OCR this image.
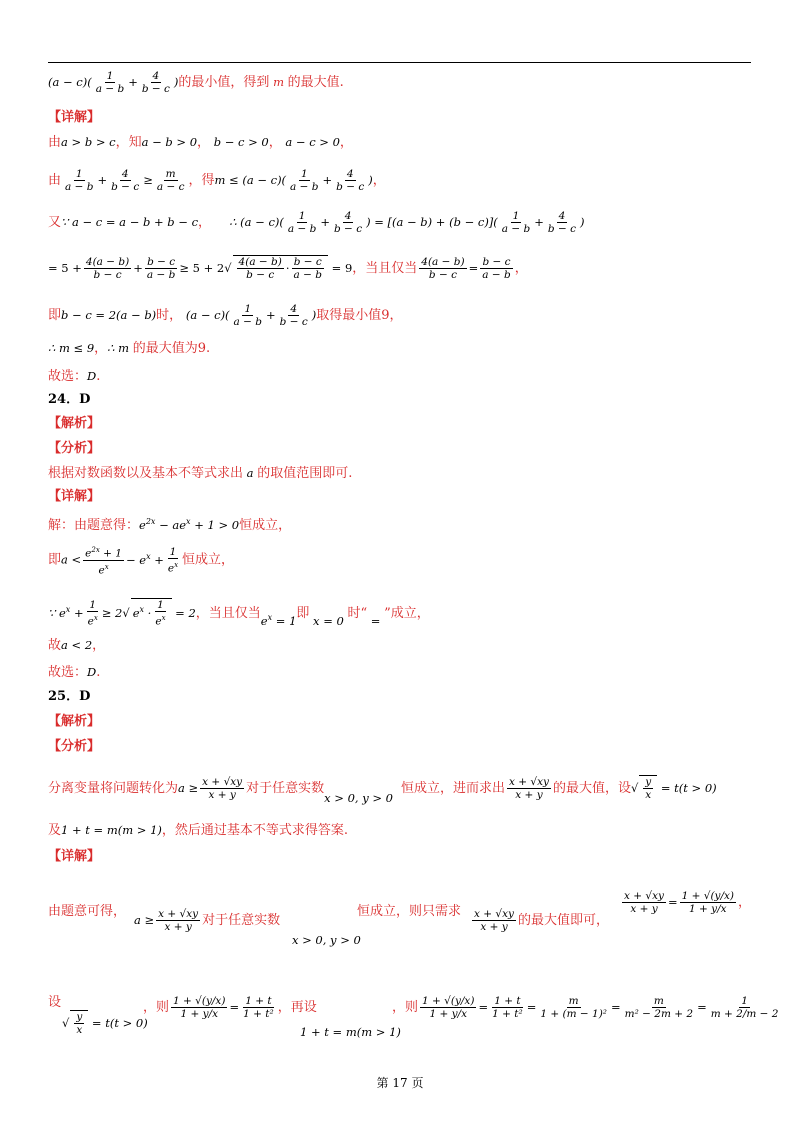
$(a - c)( \frac{1}{a - b} + \frac{4}{b - c}$ )的最小值，得到 m 的最大值.
【详解】
由a > b > c，知a − b > 0， b − c > 0， a − c > 0，
由 $\frac{1}{a - b} + \frac{4}{b - c} \ge \frac{m}{a - c}$ ，得$m \le (a - c)( \frac{1}{a - b} + \frac{4}{b - c}$ )，
又∵ a − c = a − b + b − c， ∴ $(a - c)( \frac{1}{a - b} + \frac{4}{b - c}$ ) = $[(a - b) + (b - c)]( \frac{1}{a - b} + \frac{4}{b - c}$ )
= $5 + \frac{4(a - b)}{b - c} + \frac{b - c}{a - b} \ge 5 + 2√ \frac{4(a - b)}{b - c} \cdot \frac{b - c}{a - b} = 9$，当且仅当 $\frac{4(a - b)}{b - c} = \frac{b - c}{a - b}$ ，
即b − c = 2(a − b)时， $(a - c)( \frac{1}{a - b} + \frac{4}{b - c}$ )取得最小值9，
∴ m ≤ 9，∴ m 的最大值为9.
故选：D.
24．D
【解析】
【分析】
根据对数函数以及基本不等式求出 a 的取值范围即可.
【详解】
解：由题意得：$e^{2x} - ae^x + 1 > 0$恒成立，
即$a < \frac{e^{2x} + 1}{e^x} - e^x + \frac{1}{e^x}$ 恒成立，
∵ $e^x + \frac{1}{e^x} \ge 2√$ $e^x \cdot \frac{1}{e^x} = 2$，当且仅当$e^x = 1$即 x = 0 时“ = ”成立，
故a < 2，
故选：D.
25．D
【解析】
【分析】
分离变量将问题转化为$a \ge \frac{x + √xy}{x + y}$ 对于任意实数x > 0, y > 0恒成立，进而求出 $\frac{x + √xy}{x + y}$ 的最大值，设√ $\frac{y}{x} = t(t > 0)$
及1 + t = m(m > 1)，然后通过基本不等式求得答案.
【详解】
由题意可得，
$a \ge \frac{x + √xy}{x + y}$ 对于任意实数
x > 0, y > 0
恒成立，则只需求 $\frac{x + √xy}{x + y}$ 的最大值即可，
$\frac{x + √xy}{x + y} = \frac{1 + √(y/x)}{1 + y/x}$ ，
设
√ $\frac{y}{x} = t(t > 0)$
，则 $\frac{1 + √(y/x)}{1 + y/x} = \frac{1 + t}{\text{1 + t²}}$ ，再设
1 + t = m(m > 1)
，则 $\frac{1 + √(y/x)}{1 + y/x} = \frac{1 + t}{\text{1 + t²}} = \frac{m}{\text{1 + (m − 1)²}} = \frac{m}{\text{m² − 2m + 2}} = \frac{1}{m + 2/m - 2}$
第 17 页
